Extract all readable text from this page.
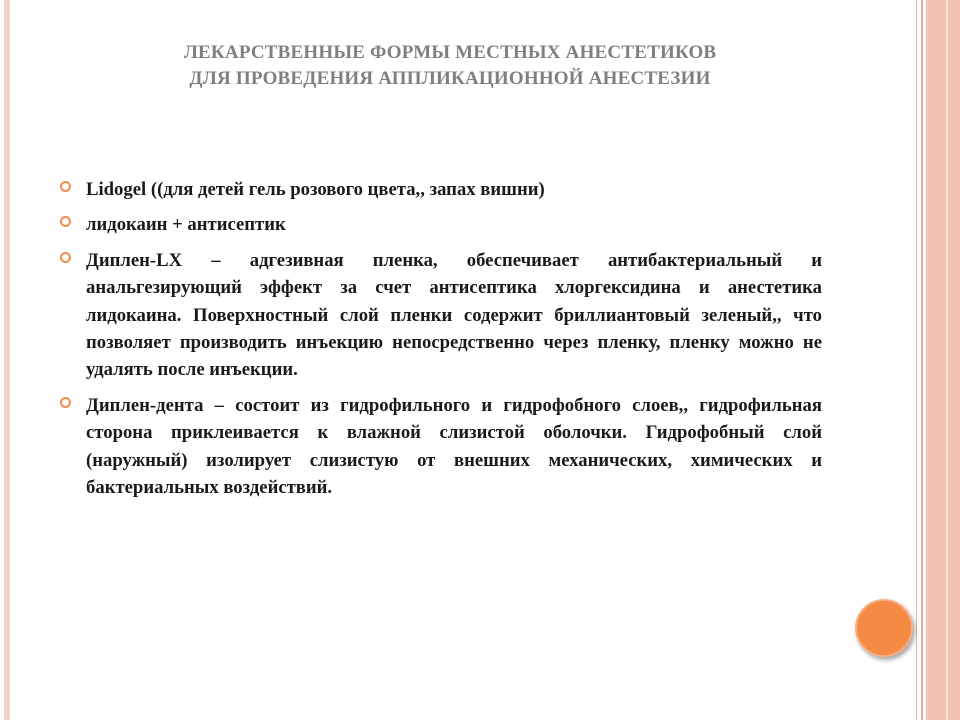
ЛЕКАРСТВЕННЫЕ ФОРМЫ МЕСТНЫХ АНЕСТЕТИКОВ
ДЛЯ ПРОВЕДЕНИЯ АППЛИКАЦИОННОЙ АНЕСТЕЗИИ
Lidogel ((для детей гель розового цвета,, запах вишни)
лидокаин + антисептик
Диплен-LX – адгезивная пленка, обеспечивает антибактериальный и анальгезирующий эффект за счет антисептика хлоргексидина и анестетика лидокаина. Поверхностный слой пленки содержит бриллиантовый зеленый,, что позволяет производить инъекцию непосредственно через пленку, пленку можно не удалять после инъекции.
Диплен-дента – состоит из гидрофильного и гидрофобного слоев,, гидрофильная сторона приклеивается к влажной слизистой оболочки. Гидрофобный слой (наружный) изолирует слизистую от внешних механических, химических и бактериальных воздействий.
